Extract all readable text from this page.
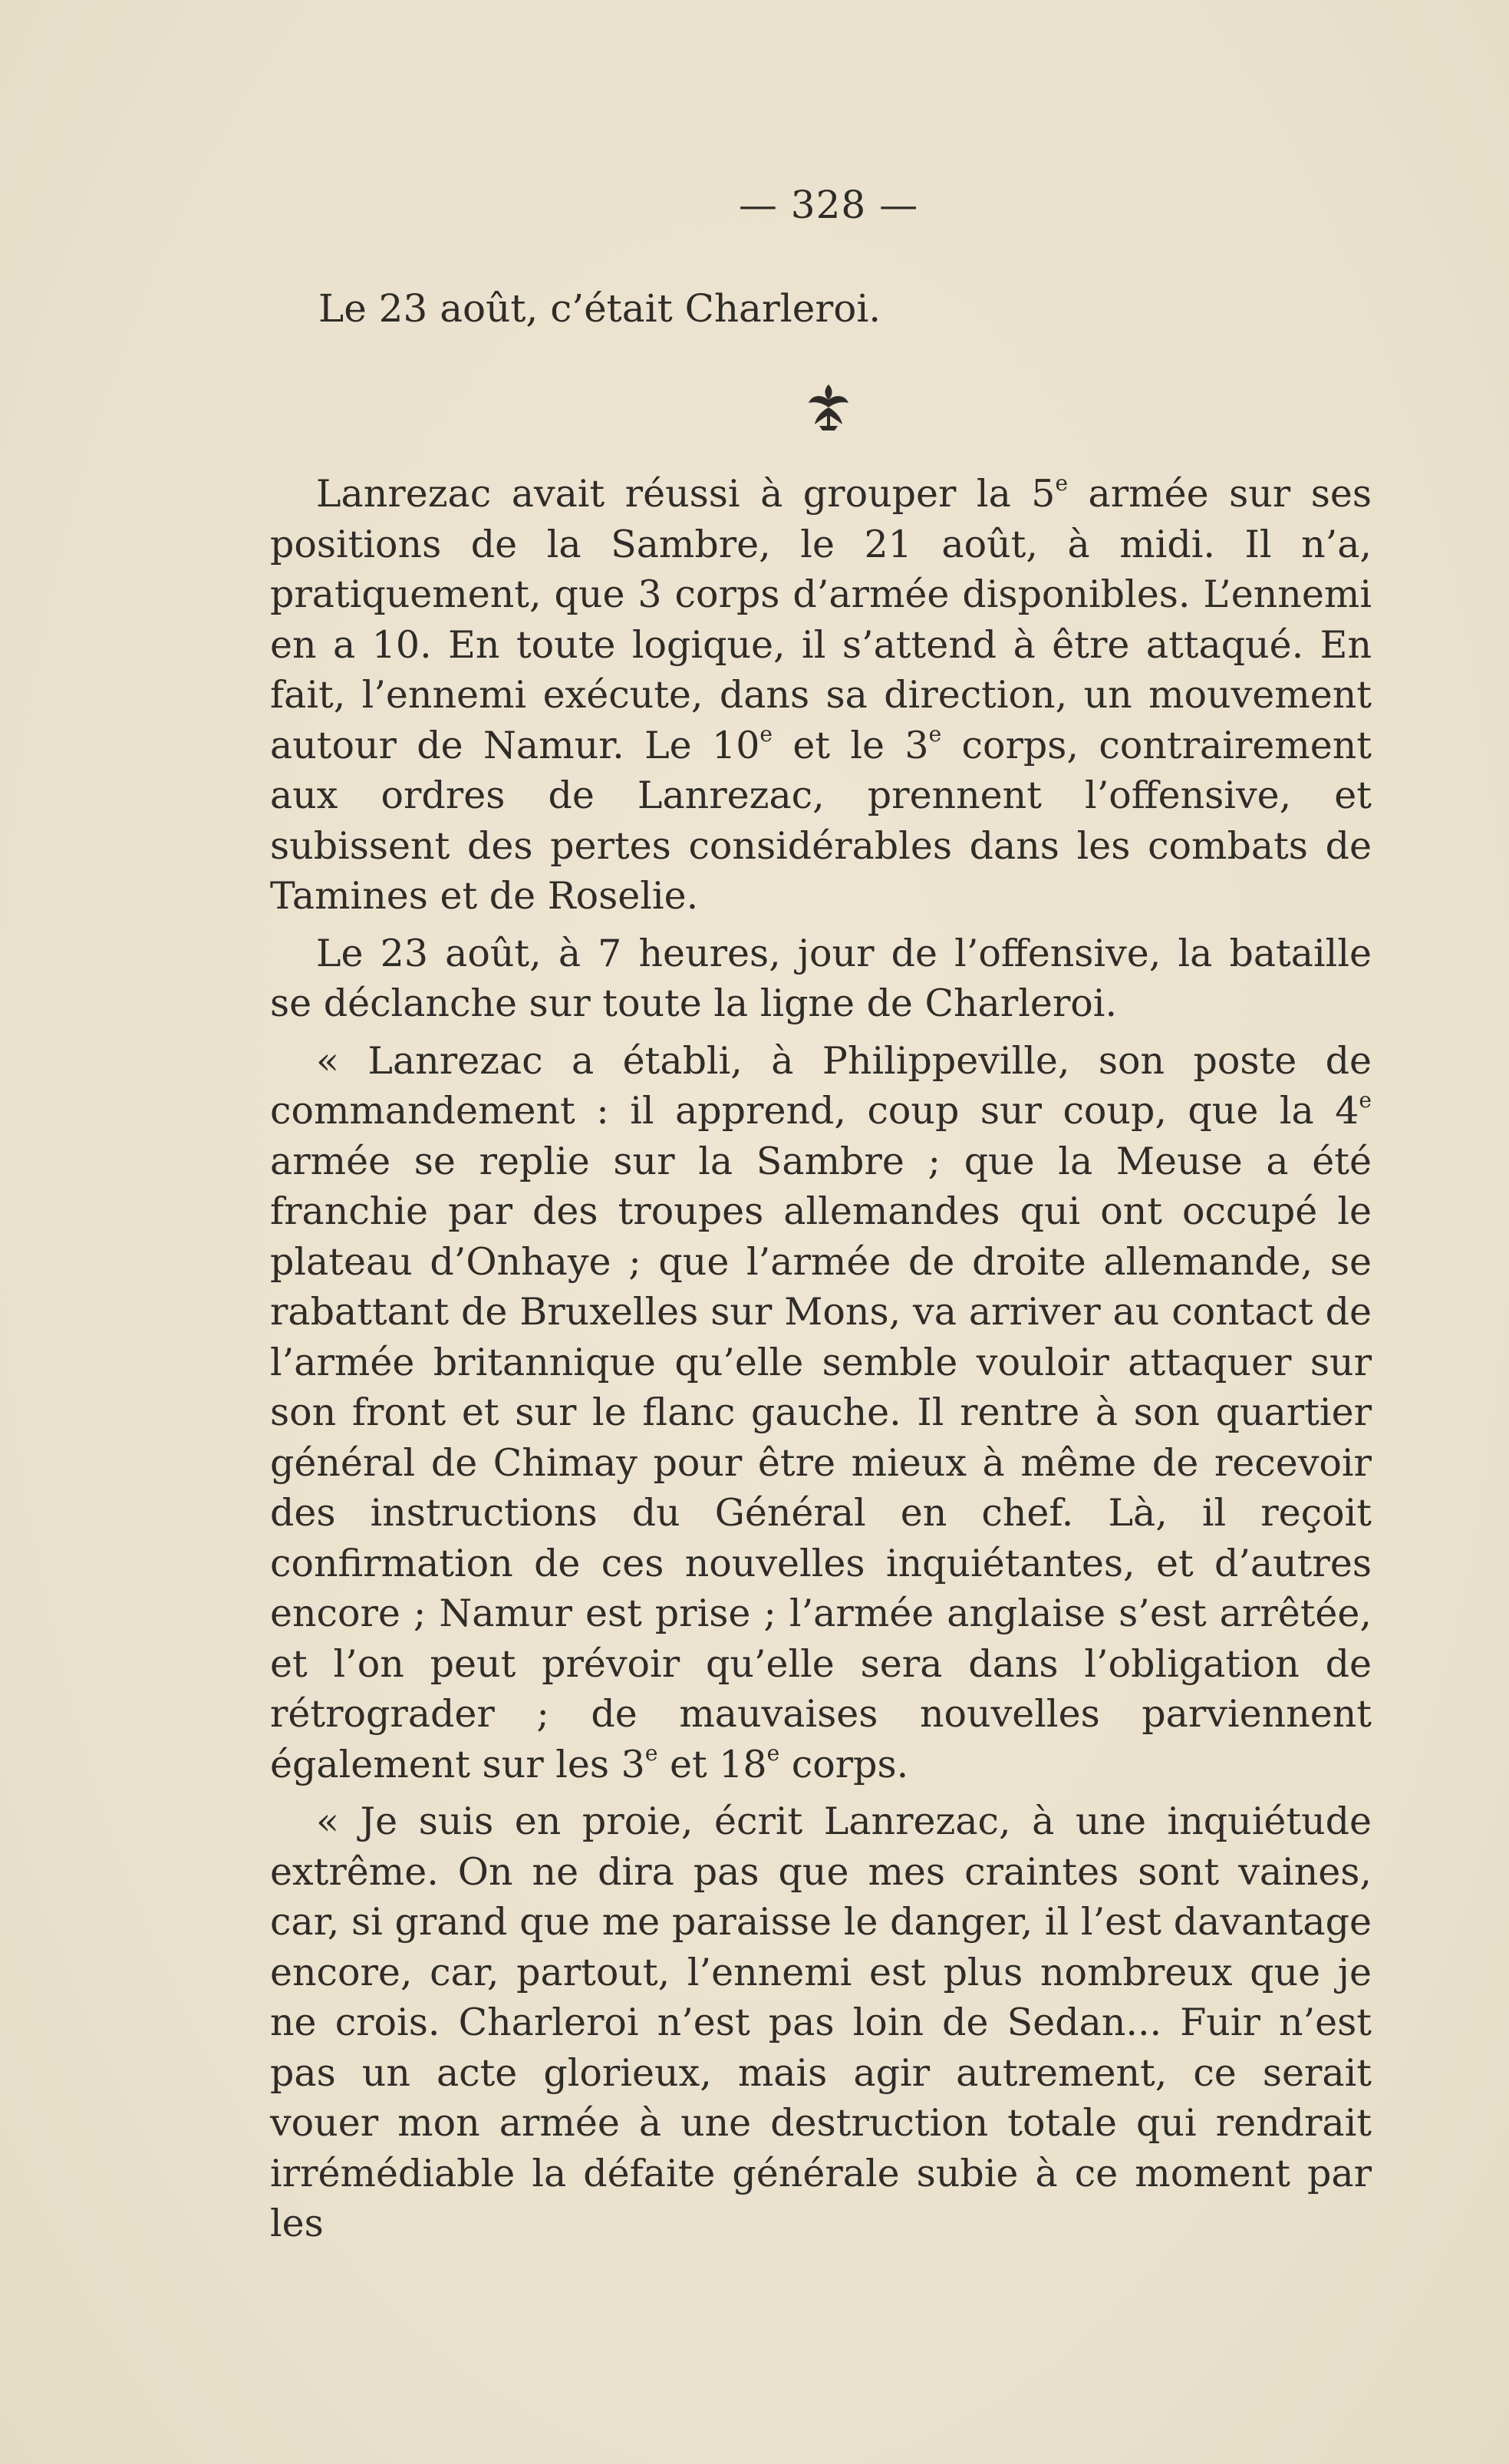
— 328 —
Le 23 août, c’était Charleroi.

Lanrezac avait réussi à grouper la 5e armée sur ses positions de la Sambre, le 21 août, à midi. Il n’a, pratiquement, que 3 corps d’armée disponibles. L’ennemi en a 10. En toute logique, il s’attend à être attaqué. En fait, l’ennemi exécute, dans sa direction, un mouvement autour de Namur. Le 10e et le 3e corps, contrairement aux ordres de Lanrezac, prennent l’offensive, et subissent des pertes considérables dans les combats de Tamines et de Roselie.

Le 23 août, à 7 heures, jour de l’offensive, la bataille se déclanche sur toute la ligne de Charleroi.

« Lanrezac a établi, à Philippeville, son poste de commandement : il apprend, coup sur coup, que la 4e armée se replie sur la Sambre ; que la Meuse a été franchie par des troupes allemandes qui ont occupé le plateau d’Onhaye ; que l’armée de droite allemande, se rabattant de Bruxelles sur Mons, va arriver au contact de l’armée britannique qu’elle semble vouloir attaquer sur son front et sur le flanc gauche. Il rentre à son quartier général de Chimay pour être mieux à même de recevoir des instructions du Général en chef. Là, il reçoit confirmation de ces nouvelles inquiétantes, et d’autres encore ; Namur est prise ; l’armée anglaise s’est arrêtée, et l’on peut prévoir qu’elle sera dans l’obligation de rétrograder ; de mauvaises nouvelles parviennent également sur les 3e et 18e corps.

« Je suis en proie, écrit Lanrezac, à une inquiétude extrême. On ne dira pas que mes craintes sont vaines, car, si grand que me paraisse le danger, il l’est davantage encore, car, partout, l’ennemi est plus nombreux que je ne crois. Charleroi n’est pas loin de Sedan... Fuir n’est pas un acte glorieux, mais agir autrement, ce serait vouer mon armée à une destruction totale qui rendrait irrémédiable la défaite générale subie à ce moment par les
